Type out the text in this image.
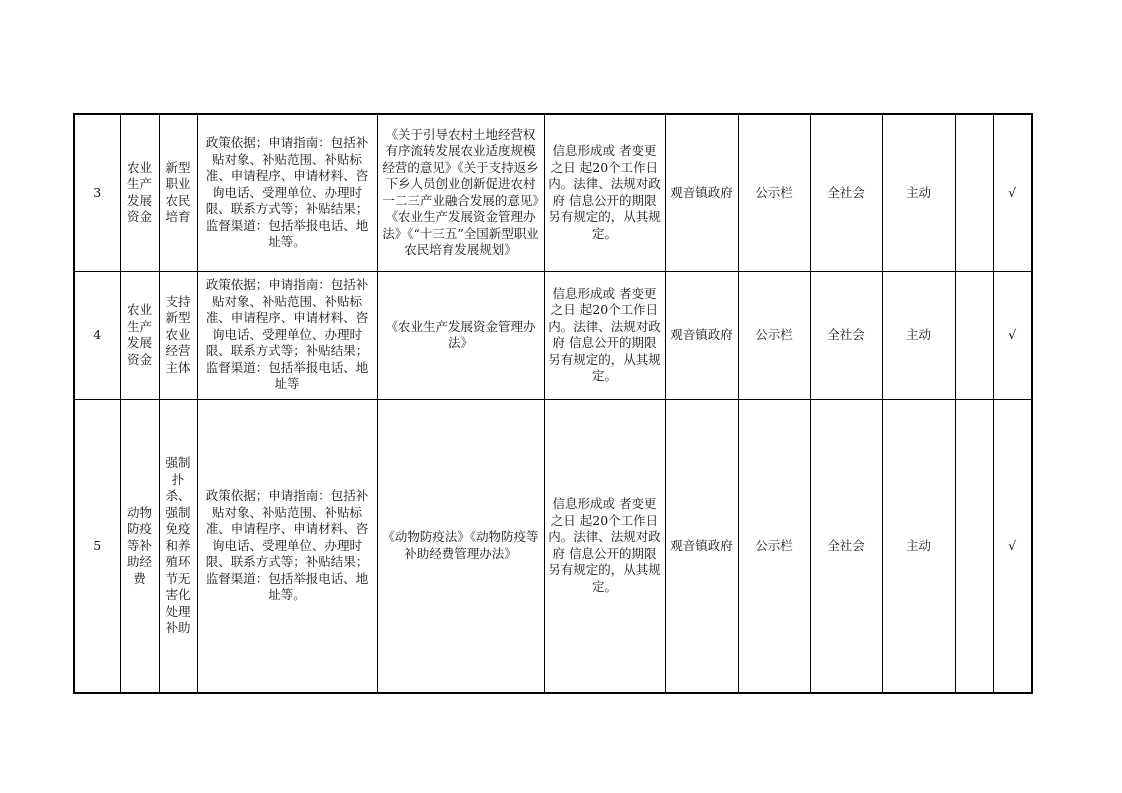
3	农业生产发展资金	新型职业农民培育	政策依据；申请指南：包括补贴对象、补贴范围、补贴标准、申请程序、申请材料、咨询电话、受理单位、办理时限、联系方式等；补贴结果；监督渠道：包括举报电话、地址等。	《关于引导农村土地经营权有序流转发展农业适度规模经营的意见》《关于支持返乡下乡人员创业创新促进农村一二三产业融合发展的意见》《农业生产发展资金管理办法》《“十三五”全国新型职业农民培育发展规划》	信息形成或 者变更之日 起20个工作日内。法律、法规对政府 信息公开的期限另有规定的，从其规定。	观音镇政府	公示栏	全社会	主动		√
4	农业生产发展资金	支持新型农业经营主体	政策依据；申请指南：包括补贴对象、补贴范围、补贴标准、申请程序、申请材料、咨询电话、受理单位、办理时限、联系方式等；补贴结果；监督渠道：包括举报电话、地址等	《农业生产发展资金管理办法》	信息形成或 者变更之日 起20个工作日内。法律、法规对政府 信息公开的期限另有规定的，从其规定。	观音镇政府	公示栏	全社会	主动		√
5	动物防疫等补助经费	强制扑杀、强制免疫和养殖环节无害化处理补助	政策依据；申请指南：包括补贴对象、补贴范围、补贴标准、申请程序、申请材料、咨询电话、受理单位、办理时限、联系方式等；补贴结果；监督渠道：包括举报电话、地址等。	《动物防疫法》《动物防疫等补助经费管理办法》	信息形成或 者变更之日 起20个工作日内。法律、法规对政府 信息公开的期限另有规定的，从其规定。	观音镇政府	公示栏	全社会	主动		√
